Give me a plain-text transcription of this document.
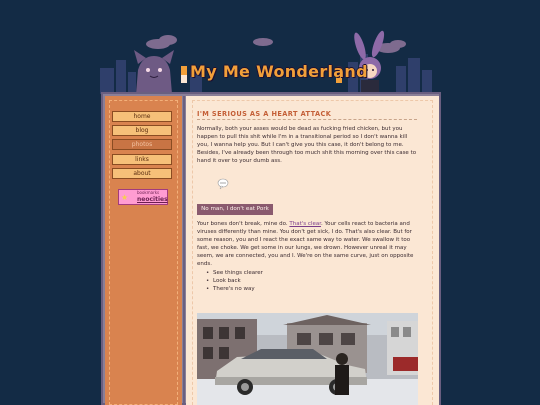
My Me Wonderland
home
blog
photos
links
about
★
bookmarks
neocities
I'M SERIOUS AS A HEART ATTACK
Normally, both your asses would be dead as fucking fried chicken, but you happen to pull this shit while I'm in a transitional period so I don't wanna kill you, I wanna help you. But I can't give you this case, it don't belong to me. Besides, I've already been through too much shit this morning over this case to hand it over to your dumb ass.
No man, I don't eat Pork
Your bones don't break, mine do. That's clear. Your cells react to bacteria and viruses differently than mine. You don't get sick, I do. That's also clear. But for some reason, you and I react the exact same way to water. We swallow it too fast, we choke. We get some in our lungs, we drown. However unreal it may seem, we are connected, you and I. We're on the same curve, just on opposite ends.
• See things clearer
• Look back
• There's no way
